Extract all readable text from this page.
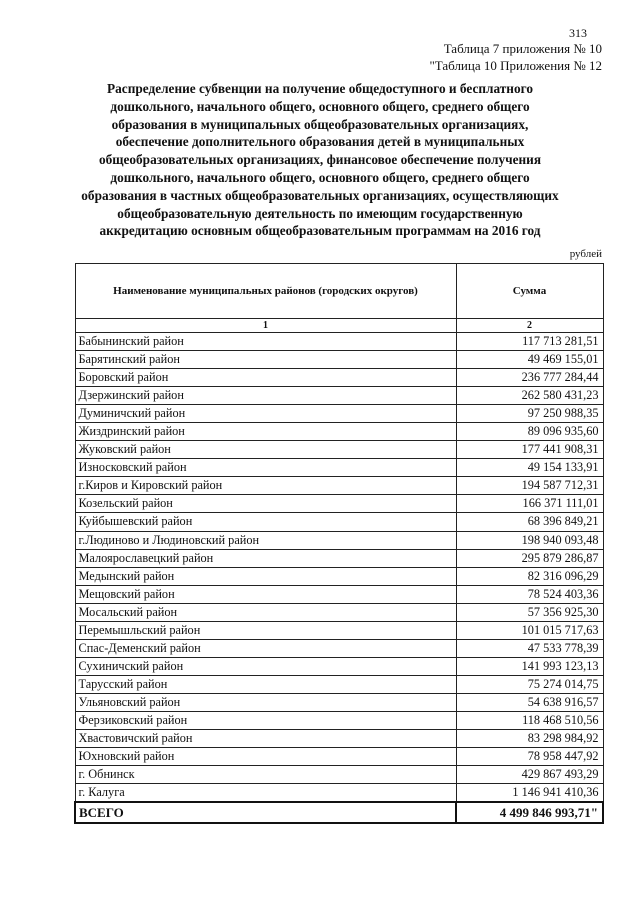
313
Таблица 7 приложения № 10
"Таблица 10 Приложения № 12
Распределение субвенции на получение общедоступного и бесплатного
дошкольного, начального общего, основного общего, среднего общего
образования в муниципальных общеобразовательных организациях,
обеспечение дополнительного образования детей в муниципальных
общеобразовательных организациях, финансовое обеспечение получения
дошкольного, начального общего, основного общего, среднего общего
образования в частных общеобразовательных организациях, осуществляющих
общеобразовательную деятельность по имеющим государственную
аккредитацию основным общеобразовательным программам на 2016 год
рублей
Наименование муниципальных районов (городских округов)	Сумма
1	2
Бабынинский район	117 713 281,51
Барятинский район	49 469 155,01
Боровский район	236 777 284,44
Дзержинский район	262 580 431,23
Думиничский район	97 250 988,35
Жиздринский район	89 096 935,60
Жуковский район	177 441 908,31
Износковский район	49 154 133,91
г.Киров и Кировский район	194 587 712,31
Козельский район	166 371 111,01
Куйбышевский район	68 396 849,21
г.Людиново и Людиновский район	198 940 093,48
Малоярославецкий район	295 879 286,87
Медынский район	82 316 096,29
Мещовский район	78 524 403,36
Мосальский район	57 356 925,30
Перемышльский район	101 015 717,63
Спас-Деменский район	47 533 778,39
Сухиничский район	141 993 123,13
Тарусский район	75 274 014,75
Ульяновский район	54 638 916,57
Ферзиковский район	118 468 510,56
Хвастовичский район	83 298 984,92
Юхновский район	78 958 447,92
г. Обнинск	429 867 493,29
г. Калуга	1 146 941 410,36
ВСЕГО	4 499 846 993,71"
